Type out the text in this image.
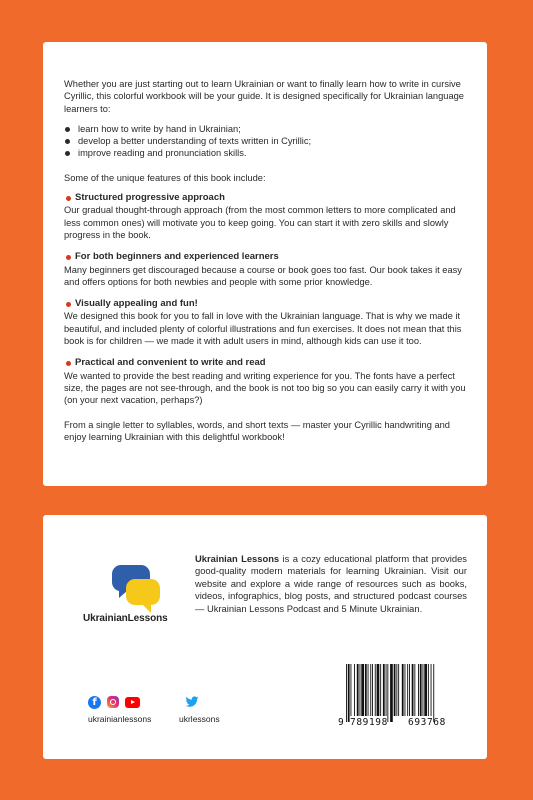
Whether you are just starting out to learn Ukrainian or want to finally learn how to write in cursive Cyrillic, this colorful workbook will be your guide. It is designed specifically for Ukrainian language learners to:

learn how to write by hand in Ukrainian;
develop a better understanding of texts written in Cyrillic;
improve reading and pronunciation skills.

Some of the unique features of this book include:

Structured progressive approach

Our gradual thought-through approach (from the most common letters to more complicated and less common ones) will motivate you to keep going. You can start it with zero skills and slowly progress in the book.

For both beginners and experienced learners

Many beginners get discouraged because a course or book goes too fast. Our book takes it easy and offers options for both newbies and people with some prior knowledge.

Visually appealing and fun!

We designed this book for you to fall in love with the Ukrainian language. That is why we made it beautiful, and included plenty of colorful illustrations and fun exercises. It does not mean that this book is for children — we made it with adult users in mind, although kids can use it too.

Practical and convenient to write and read

We wanted to provide the best reading and writing experience for you. The fonts have a perfect size, the pages are not see-through, and the book is not too big so you can easily carry it with you (on your next vacation, perhaps?)

From a single letter to syllables, words, and short texts — master your Cyrillic handwriting and enjoy learning Ukrainian with this delightful workbook!

UkrainianLessons

Ukrainian Lessons is a cozy educational platform that provides good-quality modern materials for learning Ukrainian. Visit our website and explore a wide range of resources such as books, videos, infographics, blog posts, and structured podcast courses — Ukrainian Lessons Podcast and 5 Minute Ukrainian.

f
ukrainianlessons	ukrlessons	9 789198	693768
